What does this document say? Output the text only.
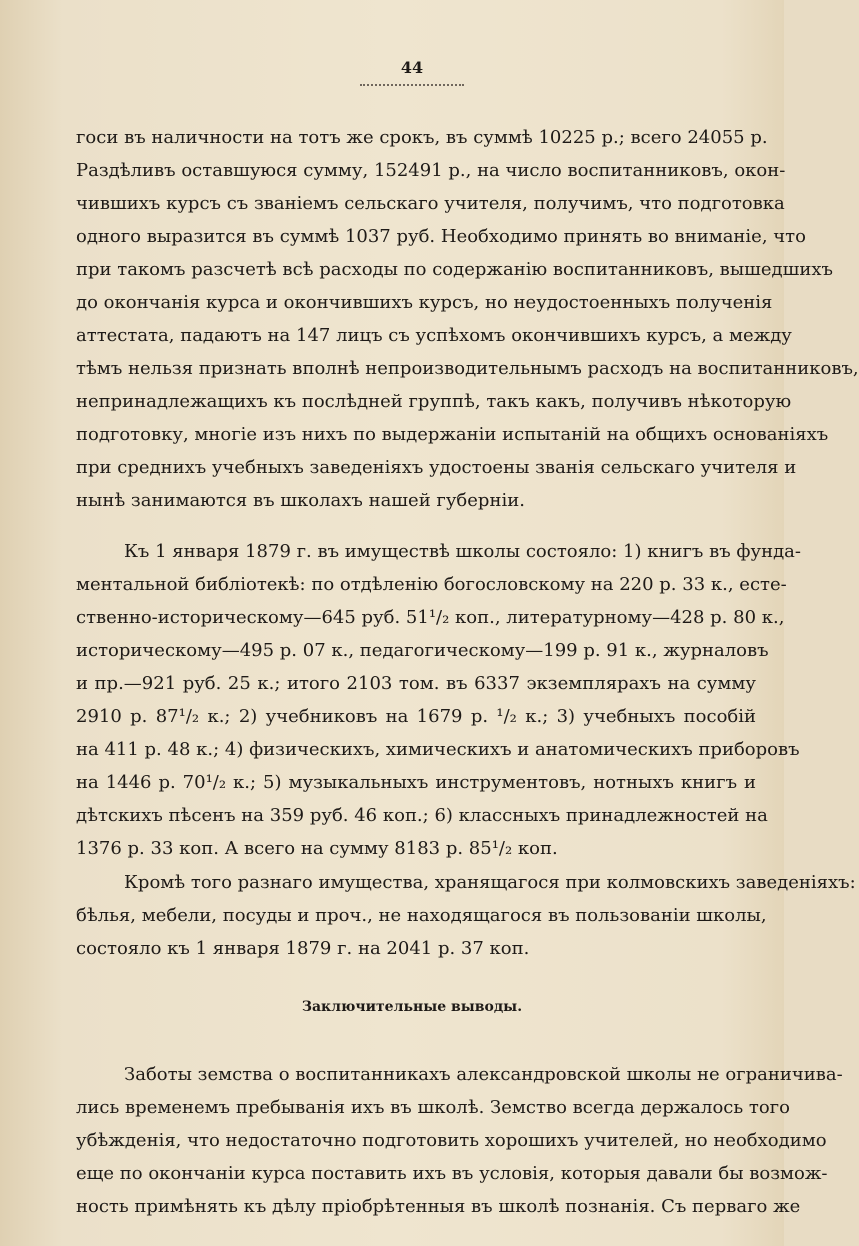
44
госи въ наличности на тотъ же срокъ, въ суммѣ 10225 р.; всего 24055 р.
Раздѣливъ оставшуюся сумму, 152491 р., на число воспитанниковъ, окон-
чившихъ курсъ съ званіемъ сельскаго учителя, получимъ, что подготовка
одного выразится въ суммѣ 1037 руб. Необходимо принять во вниманіе, что
при такомъ разсчетѣ всѣ расходы по содержанію воспитанниковъ, вышедшихъ
до окончанія курса и окончившихъ курсъ, но неудостоенныхъ полученія
аттестата, падаютъ на 147 лицъ съ успѣхомъ окончившихъ курсъ, а между
тѣмъ нельзя признать вполнѣ непроизводительнымъ расходъ на воспитанниковъ,
непринадлежащихъ къ послѣдней группѣ, такъ какъ, получивъ нѣкоторую
подготовку, многіе изъ нихъ по выдержаніи испытаній на общихъ основаніяхъ
при среднихъ учебныхъ заведеніяхъ удостоены званія сельскаго учителя и
нынѣ занимаются въ школахъ нашей губерніи.
Къ 1 января 1879 г. въ имуществѣ школы состояло: 1) книгъ въ фунда-
ментальной библіотекѣ: по отдѣленію богословскому на 220 р. 33 к., есте-
ственно-историческому—645 руб. 51¹/₂ коп., литературному—428 р. 80 к.,
историческому—495 р. 07 к., педагогическому—199 р. 91 к., журналовъ
и пр.—921 руб. 25 к.; итого 2103 том. въ 6337 экземплярахъ на сумму
2910 р. 87¹/₂ к.; 2) учебниковъ на 1679 р. ¹/₂ к.; 3) учебныхъ пособій
на 411 р. 48 к.; 4) физическихъ, химическихъ и анатомическихъ приборовъ
на 1446 р. 70¹/₂ к.; 5) музыкальныхъ инструментовъ, нотныхъ книгъ и
дѣтскихъ пѣсенъ на 359 руб. 46 коп.; 6) классныхъ принадлежностей на
1376 р. 33 коп. А всего на сумму 8183 р. 85¹/₂ коп.
Кромѣ того разнаго имущества, хранящагося при колмовскихъ заведеніяхъ:
бѣлья, мебели, посуды и проч., не находящагося въ пользованіи школы,
состояло къ 1 января 1879 г. на 2041 р. 37 коп.
Заключительные выводы.
Заботы земства о воспитанникахъ александровской школы не ограничива-
лись временемъ пребыванія ихъ въ школѣ. Земство всегда держалось того
убѣжденія, что недостаточно подготовить хорошихъ учителей, но необходимо
еще по окончаніи курса поставить ихъ въ условія, которыя давали бы возмож-
ность примѣнять къ дѣлу пріобрѣтенныя въ школѣ познанія. Съ перваго же
